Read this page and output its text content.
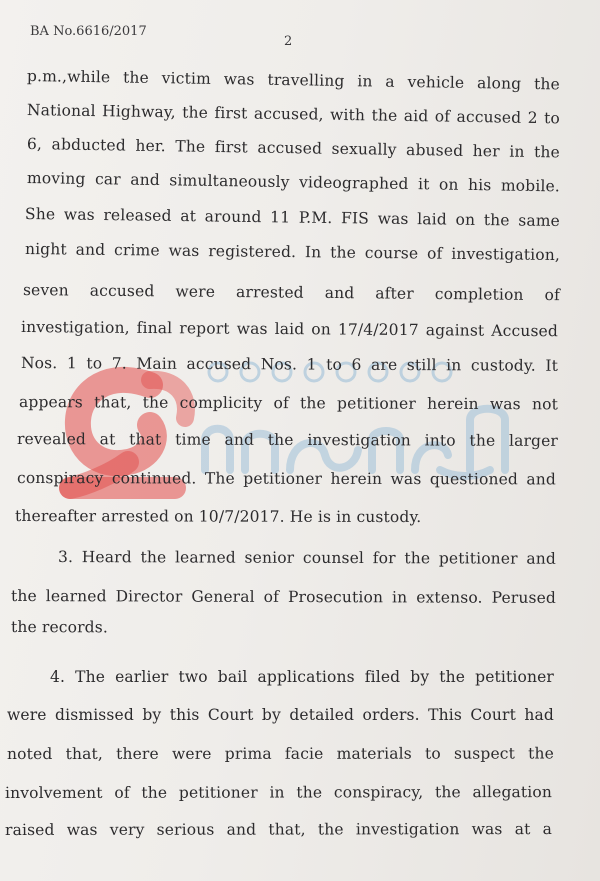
BA No.6616/2017
2
p.m.,while the victim was travelling in a vehicle along the
National Highway, the first accused, with the aid of accused 2 to
6, abducted her. The first accused sexually abused her in the
moving car and simultaneously videographed it on his mobile.
She was released at around 11 P.M. FIS was laid on the same
night and crime was registered. In the course of investigation,
seven accused were arrested and after completion of
investigation, final report was laid on 17/4/2017 against Accused
Nos. 1 to 7. Main accused Nos. 1 to 6 are still in custody. It
appears that, the complicity of the petitioner herein was not
revealed at that time and the investigation into the larger
conspiracy continued. The petitioner herein was questioned and
thereafter arrested on 10/7/2017. He is in custody.
3. Heard the learned senior counsel for the petitioner and
the learned Director General of Prosecution in extenso. Perused
the records.
4. The earlier two bail applications filed by the petitioner
were dismissed by this Court by detailed orders. This Court had
noted that, there were prima facie materials to suspect the
involvement of the petitioner in the conspiracy, the allegation
raised was very serious and that, the investigation was at a
